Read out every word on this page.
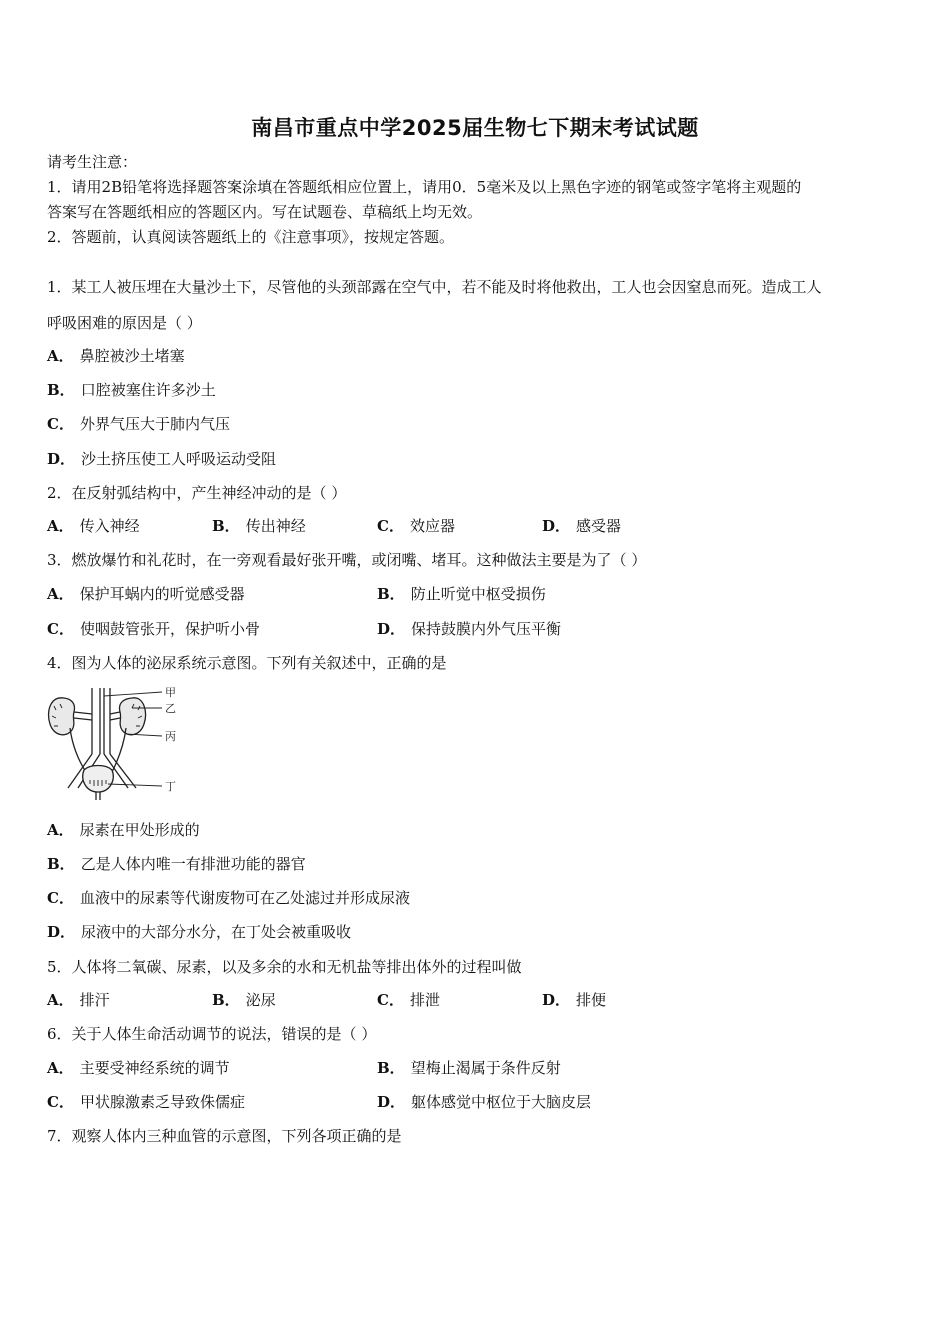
南昌市重点中学2025届生物七下期末考试试题
请考生注意：
1．请用2B铅笔将选择题答案涂填在答题纸相应位置上，请用0．5毫米及以上黑色字迹的钢笔或签字笔将主观题的
答案写在答题纸相应的答题区内。写在试题卷、草稿纸上均无效。
2．答题前，认真阅读答题纸上的《注意事项》，按规定答题。
1．某工人被压埋在大量沙土下，尽管他的头颈部露在空气中，若不能及时将他救出，工人也会因窒息而死。造成工人
呼吸困难的原因是（ ）
A． 鼻腔被沙土堵塞
B． 口腔被塞住许多沙土
C． 外界气压大于肺内气压
D． 沙土挤压使工人呼吸运动受阻
2．在反射弧结构中，产生神经冲动的是（ ）
A． 传入神经	B． 传出神经	C． 效应器	D． 感受器
3．燃放爆竹和礼花时，在一旁观看最好张开嘴，或闭嘴、堵耳。这种做法主要是为了（ ）
A． 保护耳蜗内的听觉感受器	B． 防止听觉中枢受损伤
C． 使咽鼓管张开，保护听小骨	D． 保持鼓膜内外气压平衡
4．图为人体的泌尿系统示意图。下列有关叙述中，正确的是
甲
乙
丙
丁
A． 尿素在甲处形成的
B． 乙是人体内唯一有排泄功能的器官
C． 血液中的尿素等代谢废物可在乙处滤过并形成尿液
D． 尿液中的大部分水分，在丁处会被重吸收
5．人体将二氧碳、尿素，以及多余的水和无机盐等排出体外的过程叫做
A． 排汗	B． 泌尿	C． 排泄	D． 排便
6．关于人体生命活动调节的说法，错误的是（ ）
A． 主要受神经系统的调节	B． 望梅止渴属于条件反射
C． 甲状腺激素乏导致侏儒症	D． 躯体感觉中枢位于大脑皮层
7．观察人体内三种血管的示意图，下列各项正确的是
